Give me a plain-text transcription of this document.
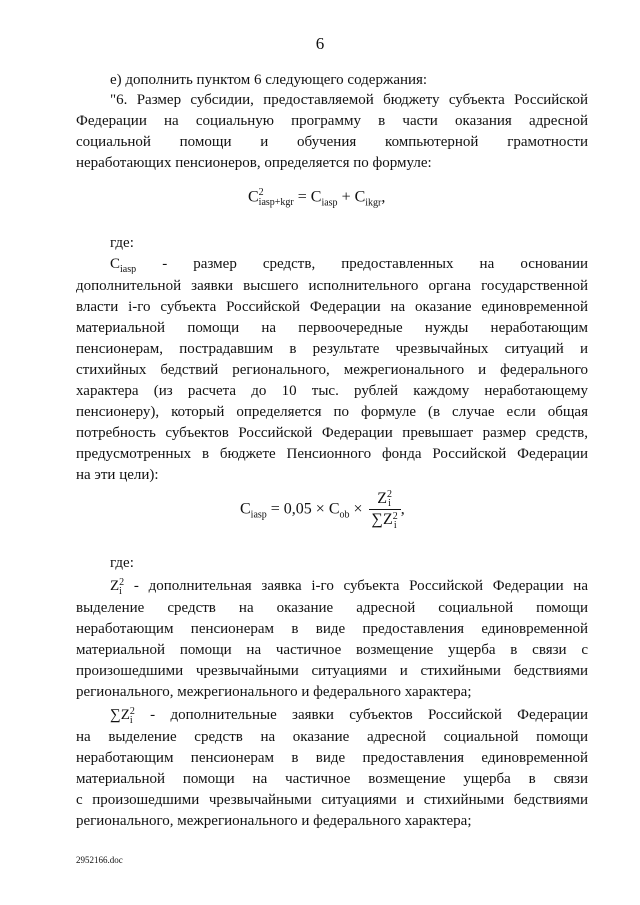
6
е) дополнить пунктом 6 следующего содержания:
"6. Размер субсидии, предоставляемой бюджету субъекта Российской
Федерации на социальную программу в части оказания адресной
социальной помощи и обучения компьютерной грамотности
неработающих пенсионеров, определяется по формуле:
C 2
iasp+kgr = $C_{iasp} + C_{ikgr}$,
где:
$C_{iasp}$ - размер средств, предоставленных на основании
дополнительной заявки высшего исполнительного органа государственной
власти i-го субъекта Российской Федерации на оказание единовременной
материальной помощи на первоочередные нужды неработающим
пенсионерам, пострадавшим в результате чрезвычайных ситуаций и
стихийных бедствий регионального, межрегионального и федерального
характера (из расчета до 10 тыс. рублей каждому неработающему
пенсионеру), который определяется по формуле (в случае если общая
потребность субъектов Российской Федерации превышает размер средств,
предусмотренных в бюджете Пенсионного фонда Российской Федерации
на эти цели):
$C_{iasp} = 0,05 \times C_{ob} \times Z$ 2
i
∑Z 2
i ,
где:
Z 2
i - дополнительная заявка i-го субъекта Российской Федерации на
выделение средств на оказание адресной социальной помощи
неработающим пенсионерам в виде предоставления единовременной
материальной помощи на частичное возмещение ущерба в связи с
произошедшими чрезвычайными ситуациями и стихийными бедствиями
регионального, межрегионального и федерального характера;
∑Z 2
i - дополнительные заявки субъектов Российской Федерации
на выделение средств на оказание адресной социальной помощи
неработающим пенсионерам в виде предоставления единовременной
материальной помощи на частичное возмещение ущерба в связи
с произошедшими чрезвычайными ситуациями и стихийными бедствиями
регионального, межрегионального и федерального характера;
2952166.doc
